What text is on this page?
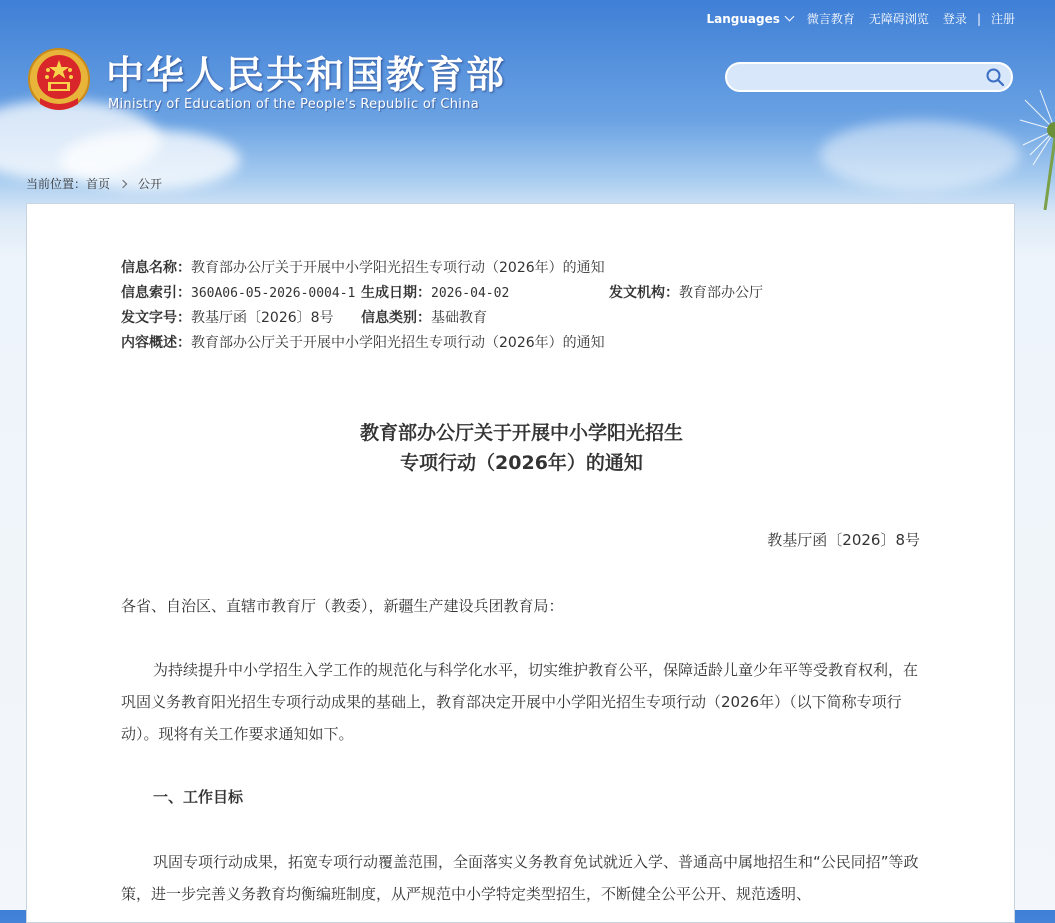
中华人民共和国教育部
Ministry of Education of the People's Republic of China
Languages 微言教育 无障碍浏览 登录 | 注册
当前位置： 首页 公开
信息名称：教育部办公厅关于开展中小学阳光招生专项行动（2026年）的通知
信息索引：360A06-05-2026-0004-1 生成日期：2026-04-02	发文机构：教育部办公厅
发文字号：教基厅函〔2026〕8号 信息类别：基础教育
内容概述：教育部办公厅关于开展中小学阳光招生专项行动（2026年）的通知
教育部办公厅关于开展中小学阳光招生
专项行动（2026年）的通知
教基厅函〔2026〕8号

各省、自治区、直辖市教育厅（教委），新疆生产建设兵团教育局：

为持续提升中小学招生入学工作的规范化与科学化水平，切实维护教育公平，保障适龄儿童少年平等受教育权利，在巩固义务教育阳光招生专项行动成果的基础上，教育部决定开展中小学阳光招生专项行动（2026年）（以下简称专项行动）。现将有关工作要求通知如下。

一、工作目标

巩固专项行动成果，拓宽专项行动覆盖范围，全面落实义务教育免试就近入学、普通高中属地招生和“公民同招”等政策，进一步完善义务教育均衡编班制度，从严规范中小学特定类型招生，不断健全公平公开、规范透明、
